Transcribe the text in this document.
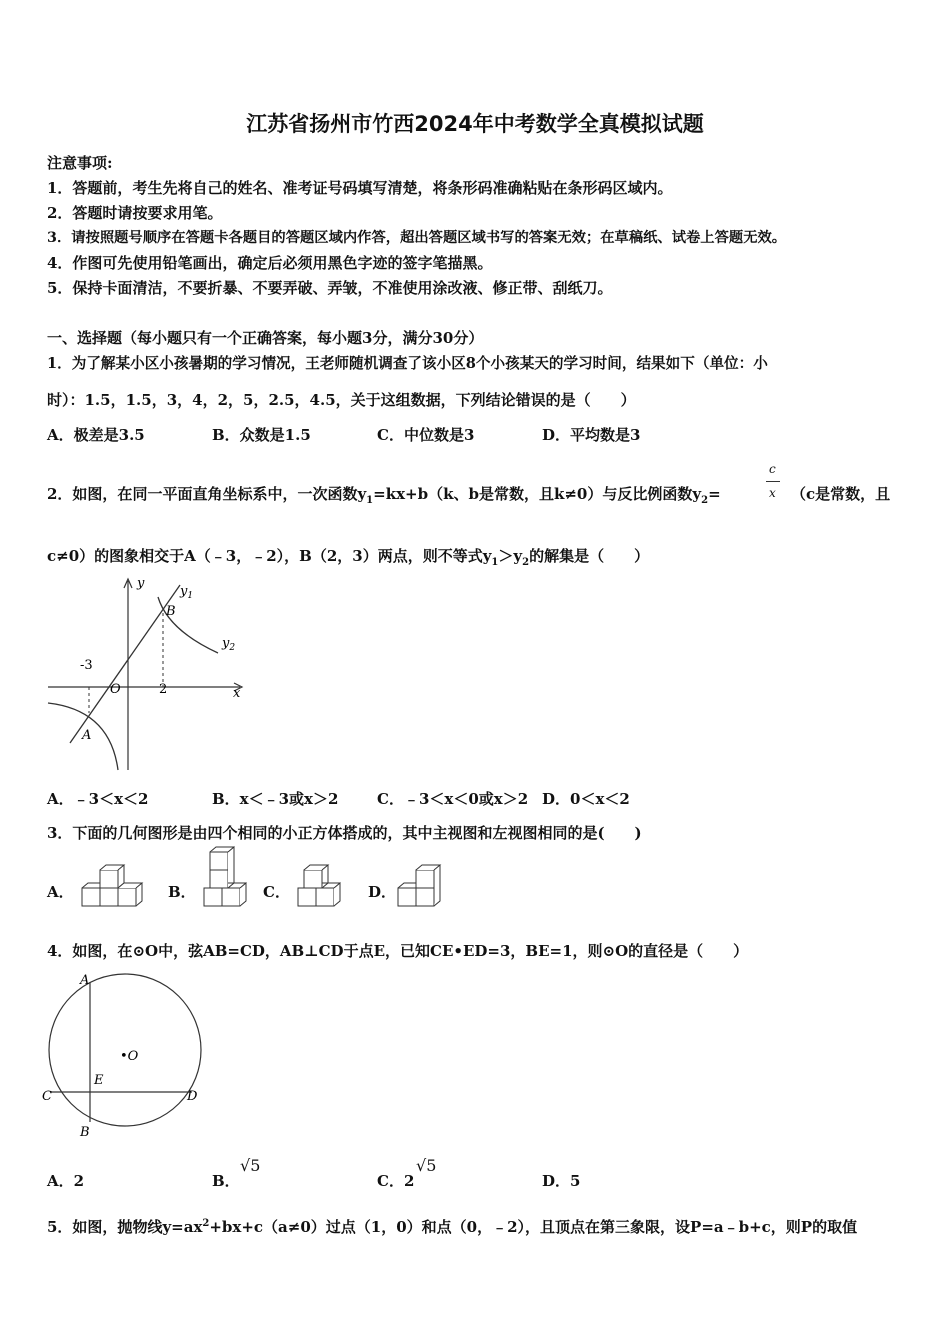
江苏省扬州市竹西2024年中考数学全真模拟试题
注意事项:
1．答题前，考生先将自己的姓名、准考证号码填写清楚，将条形码准确粘贴在条形码区域内。
2．答题时请按要求用笔。
3．请按照题号顺序在答题卡各题目的答题区域内作答，超出答题区域书写的答案无效；在草稿纸、试卷上答题无效。
4．作图可先使用铅笔画出，确定后必须用黑色字迹的签字笔描黑。
5．保持卡面清洁，不要折暴、不要弄破、弄皱，不准使用涂改液、修正带、刮纸刀。
一、选择题（每小题只有一个正确答案，每小题3分，满分30分）
1．为了解某小区小孩暑期的学习情况，王老师随机调查了该小区8个小孩某天的学习时间，结果如下（单位：小
时）：1.5，1.5，3，4，2，5，2.5，4.5，关于这组数据，下列结论错误的是（　　）
A．极差是3.5	B．众数是1.5	C．中位数是3	D．平均数是3
2．如图，在同一平面直角坐标系中，一次函数$y_1=kx+b(k$、b是常数，且k≠0）与反比例函数$y_2=$
c
x （c是常数，且
c≠0）的图象相交于A（﹣3，﹣2），B（2，3）两点，则不等式$y_1>y_2$的解集是（　　）
y
x
O
$y_1$
$y_2$
A
B
-3
2
A．﹣3＜x＜2	B．x＜﹣3或x＞2	C．﹣3＜x＜0或x＞2 D．0＜x＜2
3．下面的几何图形是由四个相同的小正方体搭成的，其中主视图和左视图相同的是(　　)
A．	B．	C．	D．
4．如图，在⊙O中，弦AB=CD，AB⊥CD于点E，已知CE•ED=3，BE=1，则⊙O的直径是（　　）
A
B
C	D
E
•O
A．2	B．
√5
C．2
√5
D．5
5．如图，抛物线$y=ax^2+bx+c(a\ne 0)$过点（1，0）和点（0，﹣2），且顶点在第三象限，设P=a﹣b+c，则P的取值
